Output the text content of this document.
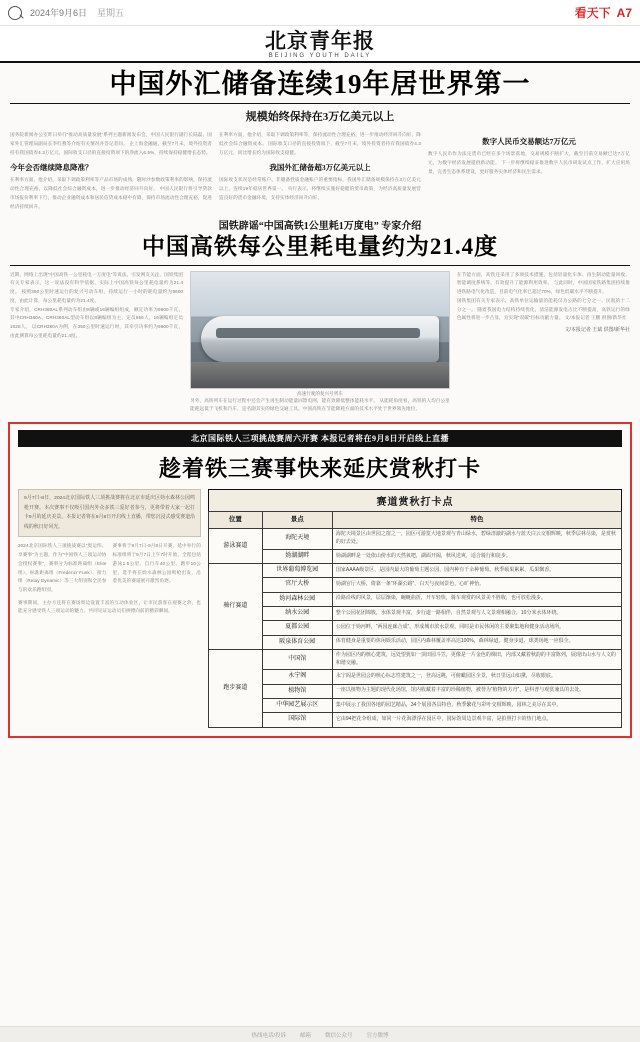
2024年9月6日 星期五	看天下 A7
北京青年报
BEIJING YOUTH DAILY
中国外汇储备连续19年居世界第一
规模始终保持在3万亿美元以上
国务院新闻办公室昨日举行“推动高质量发展”系列主题新闻发布会，中国人民银行副行长陆磊、国家外汇管理局副局长李红燕等介绍有关情况并答记者问。 企上海金融通，截至7月末，境外投资者持有我国债券4.3万亿元，国际收支口径的直接投资项下的净流入6.5%，持续保持稳健增长态势。
今年会否继续降息降准？
在利率方面，他介绍，采取下调政策利率等产品市场的成熟，随时沙参数政策利率的影响，保持流动性合理充裕，以降低社会综合融资成本，进一步推动经济回升向好。 中国人民银行将引导贷款市场报价利率下行，推动企业融资成本和居民信贷成本稳中有降，保持市场流动性合理充裕，促进经济持续回升。
在利率方面，他介绍，采取下调政策利率等，保持流动性合理充裕，进一步推动经济回升向好，降低社会综合融资成本。 国际收支口径的直接投资项下，截至7月末，境外投资者持有我国债券4.3万亿元，同比增长约为国际收支稳健。
我国外汇储备超3万亿美元以上
国际收支状况是经常账户、非储备性质金融账户的重要指标，我国外汇储备规模保持在3万亿美元以上，连续19年稳居世界第一。 央行表示，将继续实施好稳健的货币政策，为经济高质量发展营造良好的货币金融环境，支持实体经济回升向好。
数字人民币交易额达7万亿元
数字人民币作为法定货币已经在多个场景落地，交易规模不断扩大，截至目前交易额已达7万亿元，为数字经济发展提供新动能。 下一步将继续稳妥推进数字人民币研发试点工作，扩大应用场景，完善生态体系建设，更好服务实体经济和民生需求。
国铁辟谣“中国高铁1公里耗1万度电” 专家介绍
中国高铁每公里耗电量约为21.4度
近期，网络上出现“中国高铁一公里耗电一万度电”等说法，引发网友关注。国铁集团有关专家表示，这一说法没有科学依据，实际上中国高铁每公里耗电量约为21.4度。 按照350公里时速运行的复兴号动车组，持续运行一小时的耗电量约为9600度，由此计算，每公里耗电量约为21.4度。
专家介绍，CRH380AL系列动车组由8辆或16辆编组组成，额定功率为9600千瓦，其中CRH380A、CRH380AL型动车组以8辆编组为主，定员556人，16辆编组定员1028人。 以CRH380A为例，在350公里时速运行时，其牵引功率约为9600千瓦，由此测算每公里耗电量约21.4度。
高速行驶的复兴号列车
另外，高铁列车在运行过程中还会产生再生制动能量回馈电网，能有效降低整体能耗水平。 从能耗角度看，高铁的人均百公里能耗远低于飞机和汽车，是名副其实的绿色交通工具。中国高铁在节能降耗方面的技术水平处于世界领先地位。
在节能方面，高铁还采用了多项技术措施，包括轻量化车体、再生制动能量回收、智能调度系统等，有效提升了能源利用效率。 与此同时，中国国家铁路集团持续推进铁路电气化改造，目前电气化率已超过70%，绿色低碳水平不断提升。
国铁集团有关专家表示，高铁单位运输量的能耗仅为公路的七分之一、民航的十二分之一。 随着我国电力结构持续优化，清洁能源发电占比不断提高，高铁运行的绿色属性将进一步凸显，为实现“双碳”目标贡献力量。 文/本报记者 王鹏 供图/新华社
文/本报记者 王斌 供图/新华社
北京国际铁人三项挑战赛周六开赛 本报记者将在9月8日开启线上直播
趁着铁三赛事快来延庆赏秋打卡
9月7日-8日，2024北京国际铁人三项挑战赛将在北京市延庆区妫水森林公园鸣枪开赛。本次赛事不仅吸引国内外众多铁三爱好者参与，更将带着大家一起打卡9月的延庆美景。本报记者将在9月8日开启线上直播，带您沉浸式感受赛道沿线的秋日好风光。
2024北京国际铁人三项挑战赛以“奥运纬、享赛事”为主题，作为“中国铁人三项运动协会授权赛事”，赛事分为标准距离组（Elite组）、标准距离组（Fredericr Funk）、接力组（Relay Dynamic）等三大组别和全民参与的欢乐跑组别。
赛事将于9月7日-9月8日开赛，延中举行的标准组将于9月7日上午7时开始，全程包括游泳1.5公里、自行车40公里、跑步10公里，选手将在妫水森林公园鸣枪出发，沿着优美的赛道展开激烈角逐。
赛事期间，主办方还将在赛场周边设置丰富的互动体验区，让市民游客在观赛之余，也能充分感受铁人三项运动的魅力，共同见证运动员们拼搏向前的精彩瞬间。
赛道赏秋打卡点
位置	景点	特色
游泳赛道	海陀天境	海陀天境景区由世园之窗之一，园区可游览大地景观与青山绿水，碧绿清澈的湖水与蓝天白云交相辉映，秋季层林尽染，是赏秋的好去处。
	妫湖湖畔	妫湖湖畔是一处依山傍水的天然氧吧，湖面开阔，秋风送爽，适合骑行和徒步。
骑行赛道	世界葡萄博览园	国家AAAA级景区，是园内最大的葡萄主题公园，园内种有千余种葡萄，秋季硕果累累，瓜果飘香。
	官厅大桥	妫湖官厅大桥，倚靠一条“环湖公路”，白天与夜间景色，心旷神怡。
	妫河森林公园	沿路沿线的风景，层层渐染，蜿蜒曲折，开车轻快，骑车观赏的风景美不胜收，也可放松漫步。
	纳水公园	整个公园花团锦簇，水体景观丰富，步行道一路相伴，自然景观与人文景观相融合，10分米水体环绕。
	夏都公园	公园位于妫河畔，“两园连廊合成”，形成城市滨水景观，同时是市民休闲的主要聚集地和健身活动场所。
	阪泉体育公园	体育健身是重要的休闲娱乐活动，园区内森林覆盖率高达100%，森林绿道、健身步道、球类场地一应俱全。
跑步赛道	中国馆	作为园区内的核心建筑，远处望犹如一顶田园斗笠，更像是一片金色的梯田，内部又藏着秋韵的丰富陈列，展现出山水与人文的和谐交融。
	永宁阁	永宁阁是世园会的核心标志性建筑之一，登高远眺，可俯瞰园区全景，秋日里远山如黛，尽收眼底。
	植物馆	一座以植物为主题的现代化场馆，馆内收藏着丰富的珍稀植物，被誉为“植物的方舟”，是科普与观赏兼具的去处。
	中华园艺展示区	集中展示了我国各地的园艺精品，34个展园各具特色，秋季繁花与彩叶交相辉映，园林之美尽在其中。
	国际馆	它由94把花伞组成，如同一片花海漂浮在园区中，国际馆周边景观丰富，是拍照打卡的热门地点。
热线电话/投诉	邮箱	微信公众号	官方微博
